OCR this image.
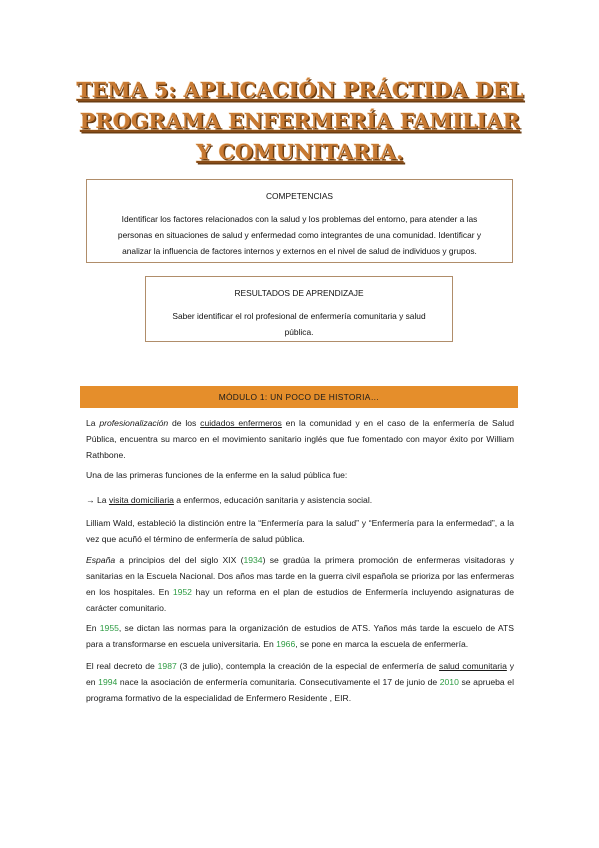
TEMA 5: APLICACIÓN PRÁCTIDA DEL
PROGRAMA ENFERMERÍA FAMILIAR
Y COMUNITARIA.
COMPETENCIAS
Identificar los factores relacionados con la salud y los problemas del entorno, para atender a las
personas en situaciones de salud y enfermedad como integrantes de una comunidad. Identificar y
analizar la influencia de factores internos y externos en el nivel de salud de individuos y grupos.
RESULTADOS DE APRENDIZAJE
Saber identificar el rol profesional de enfermería comunitaria y salud
pública.
MÓDULO 1: UN POCO DE HISTORIA…
La profesionalización de los cuidados enfermeros en la comunidad y en el caso de la enfermería de Salud Pública, encuentra su marco en el movimiento sanitario inglés que fue fomentado con mayor éxito por William Rathbone.
Una de las primeras funciones de la enferme en la salud pública fue:
→ La visita domiciliaria a enfermos, educación sanitaria y asistencia social.
Lilliam Wald, estableció la distinción entre la “Enfermería para la salud” y “Enfermería para la enfermedad”, a la vez que acuñó el término de enfermería de salud pública.
España a principios del del siglo XIX (1934) se gradúa la primera promoción de enfermeras visitadoras y sanitarias en la Escuela Nacional. Dos años mas tarde en la guerra civil española se prioriza por las enfermeras en los hospitales. En 1952 hay un reforma en el plan de estudios de Enfermería incluyendo asignaturas de carácter comunitario.
En 1955, se dictan las normas para la organización de estudios de ATS. Yaños más tarde la escuelo de ATS para a transformarse en escuela universitaria. En 1966, se pone en marca la escuela de enfermería.
El real decreto de 1987 (3 de julio), contempla la creación de la especial de enfermería de salud comunitaria y en 1994 nace la asociación de enfermería comunitaria. Consecutivamente el 17 de junio de 2010 se aprueba el programa formativo de la especialidad de Enfermero Residente , EIR.
